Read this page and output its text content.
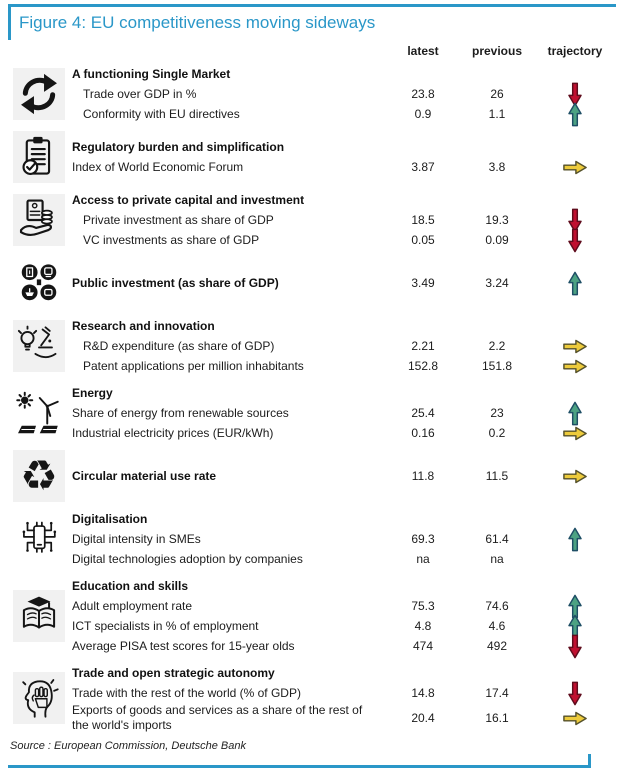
Figure 4: EU competitiveness moving sideways
latest	previous	trajectory
A functioning Single Market
Trade over GDP in %	23.8	26
Conformity with EU directives	0.9	1.1
Regulatory burden and simplification
Index of World Economic Forum	3.87	3.8
Access to private capital and investment
Private investment as share of GDP	18.5	19.3
VC investments as share of GDP	0.05	0.09
Public investment (as share of GDP)	3.49	3.24
Research and innovation
R&D expenditure (as share of GDP)	2.21	2.2
Patent applications per million inhabitants	152.8	151.8
Energy
Share of energy from renewable sources	25.4	23
Industrial electricity prices (EUR/kWh)	0.16	0.2
♻ Circular material use rate	11.8	11.5
Digitalisation
Digital intensity in SMEs	69.3	61.4
Digital technologies adoption by companies	na	na
Education and skills
Adult employment rate	75.3	74.6
ICT specialists in % of employment	4.8	4.6
Average PISA test scores for 15-year olds	474	492
Trade and open strategic autonomy
Trade with the rest of the world (% of GDP)	14.8	17.4
Exports of goods and services as a share of the rest of the world's imports
20.4	16.1
Source : European Commission, Deutsche Bank
